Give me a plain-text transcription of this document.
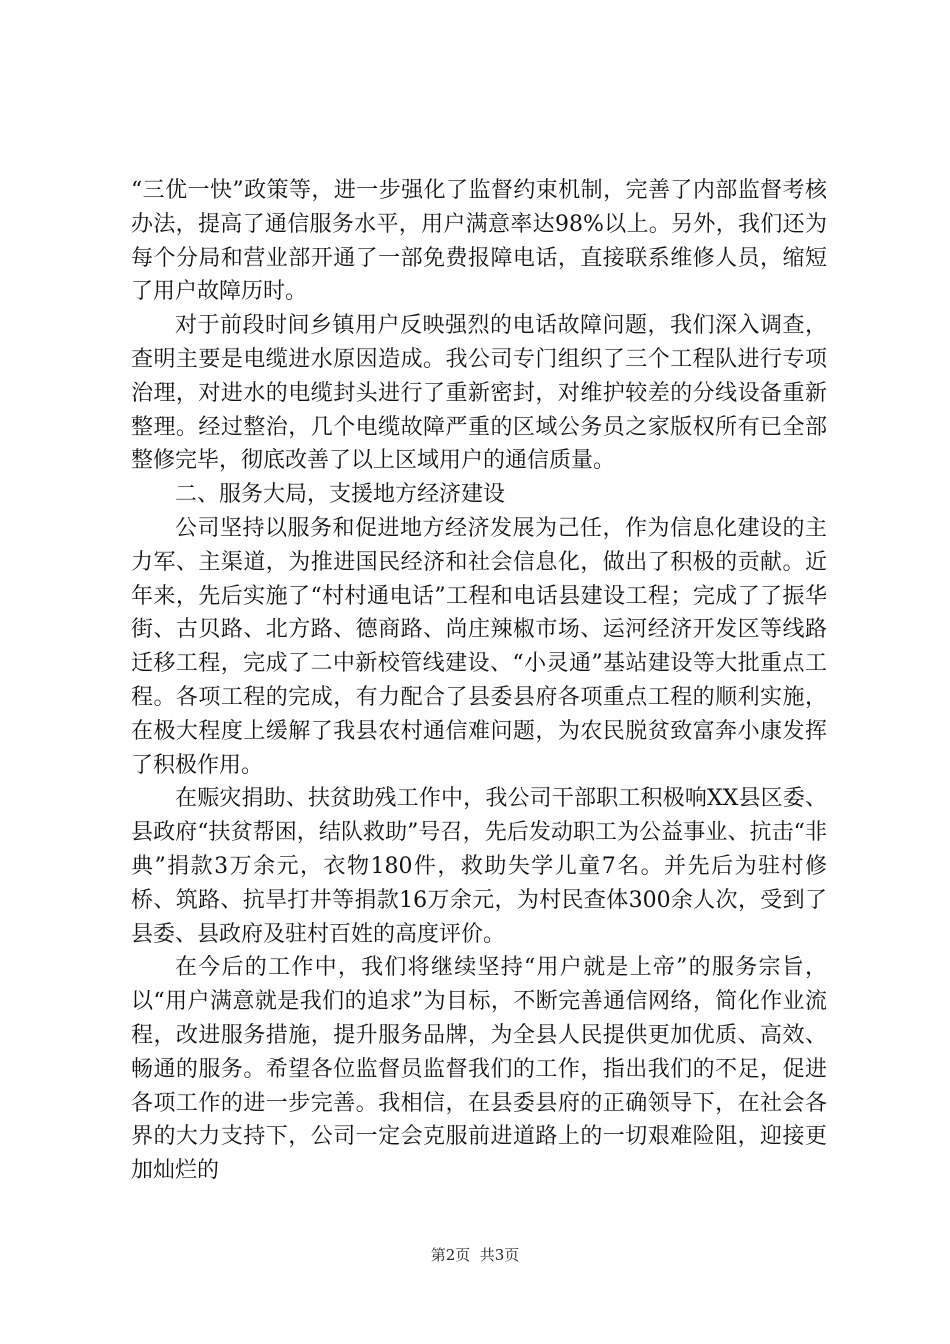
“三优一快”政策等，进一步强化了监督约束机制，完善了内部监督考核办法，提高了通信服务水平，用户满意率达98%以上。另外，我们还为每个分局和营业部开通了一部免费报障电话，直接联系维修人员，缩短了用户故障历时。

对于前段时间乡镇用户反映强烈的电话故障问题，我们深入调查，查明主要是电缆进水原因造成。我公司专门组织了三个工程队进行专项治理，对进水的电缆封头进行了重新密封，对维护较差的分线设备重新整理。经过整治，几个电缆故障严重的区域公务员之家版权所有已全部整修完毕，彻底改善了以上区域用户的通信质量。

二、服务大局，支援地方经济建设

公司坚持以服务和促进地方经济发展为己任，作为信息化建设的主力军、主渠道，为推进国民经济和社会信息化，做出了积极的贡献。近年来，先后实施了“村村通电话”工程和电话县建设工程；完成了了振华街、古贝路、北方路、德商路、尚庄辣椒市场、运河经济开发区等线路迁移工程，完成了二中新校管线建设、“小灵通”基站建设等大批重点工程。各项工程的完成，有力配合了县委县府各项重点工程的顺利实施，在极大程度上缓解了我县农村通信难问题，为农民脱贫致富奔小康发挥了积极作用。

在赈灾捐助、扶贫助残工作中，我公司干部职工积极响XX县区委、县政府“扶贫帮困，结队救助”号召，先后发动职工为公益事业、抗击“非典”捐款3万余元，衣物180件，救助失学儿童7名。并先后为驻村修桥、筑路、抗旱打井等捐款16万余元，为村民查体300余人次，受到了县委、县政府及驻村百姓的高度评价。

在今后的工作中，我们将继续坚持“用户就是上帝”的服务宗旨，以“用户满意就是我们的追求”为目标，不断完善通信网络，简化作业流程，改进服务措施，提升服务品牌，为全县人民提供更加优质、高效、畅通的服务。希望各位监督员监督我们的工作，指出我们的不足，促进各项工作的进一步完善。我相信，在县委县府的正确领导下，在社会各界的大力支持下，公司一定会克服前进道路上的一切艰难险阻，迎接更加灿烂的

第2页  共3页
